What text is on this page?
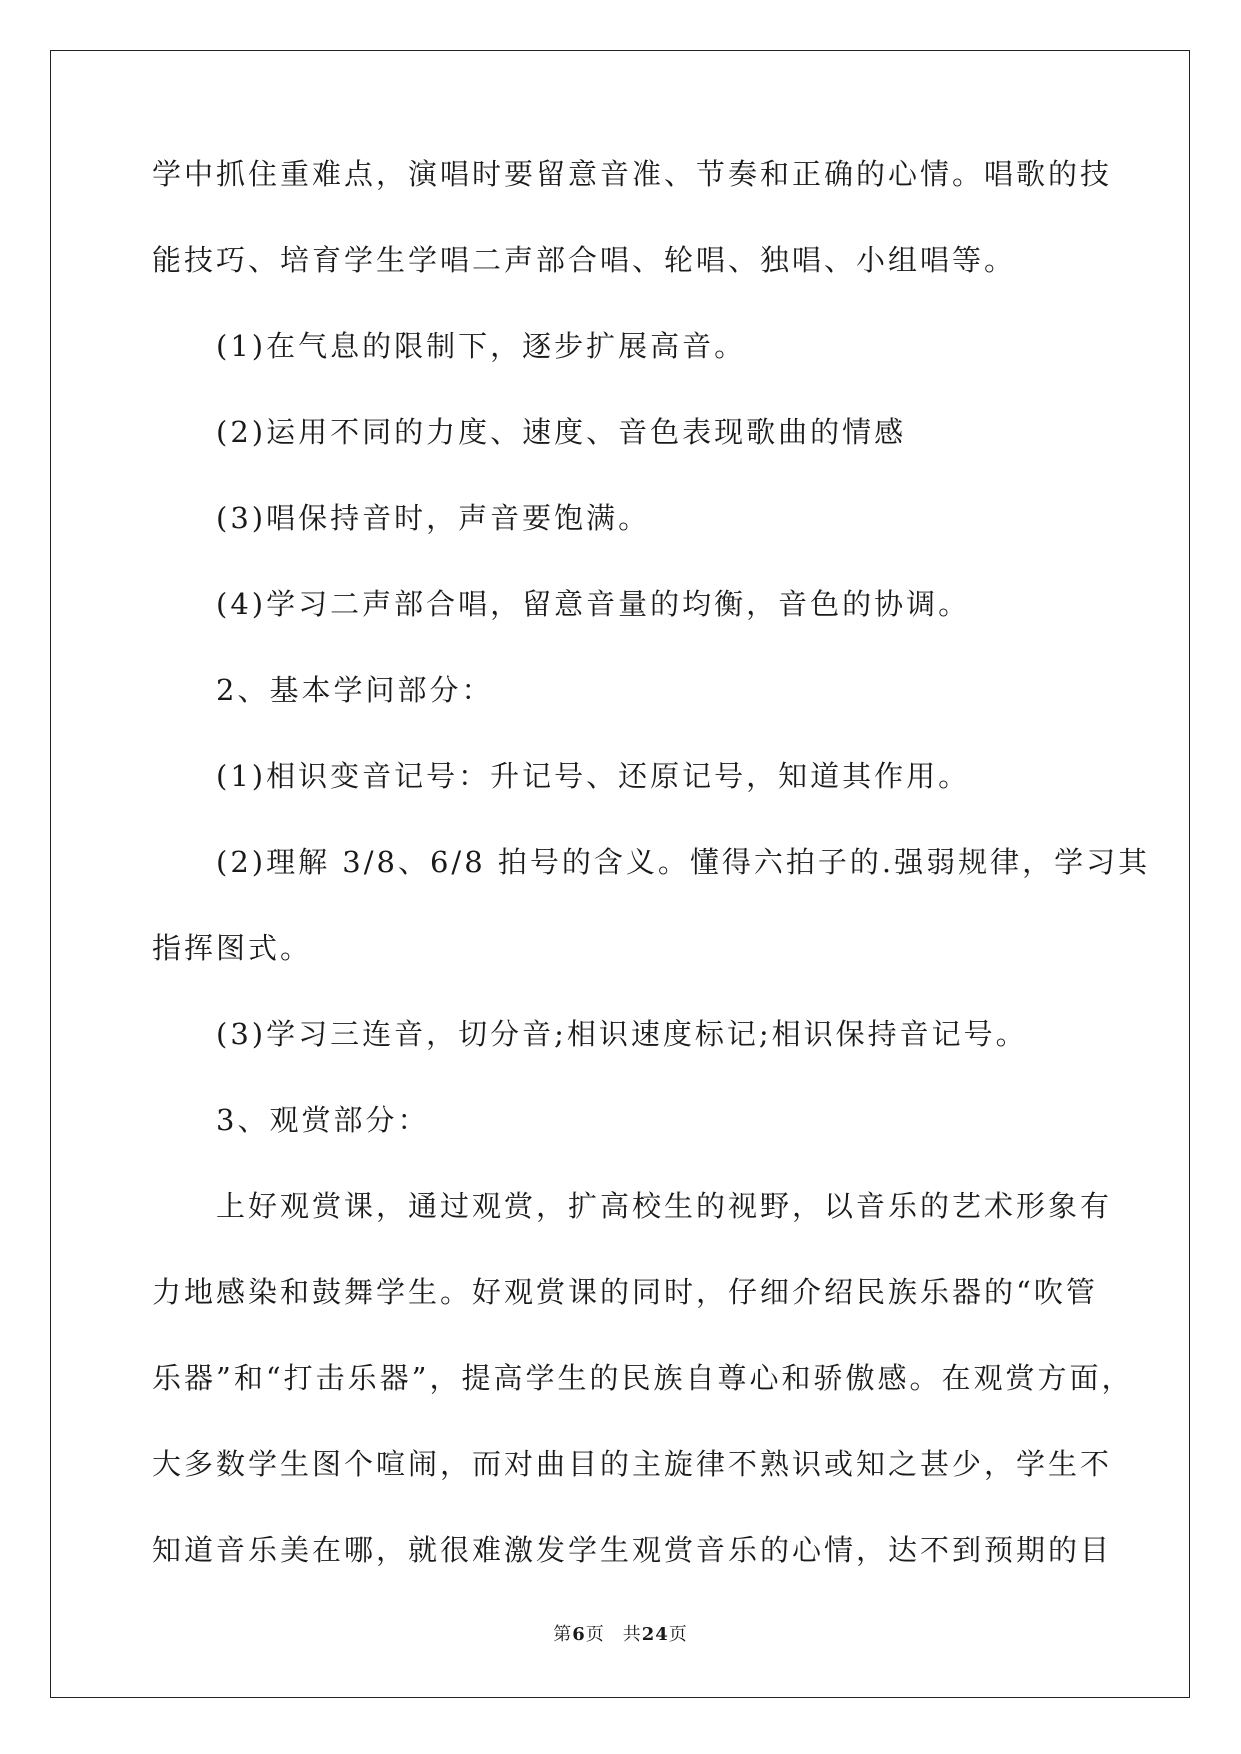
学中抓住重难点，演唱时要留意音准、节奏和正确的心情。唱歌的技
能技巧、培育学生学唱二声部合唱、轮唱、独唱、小组唱等。
(1)在气息的限制下，逐步扩展高音。
(2)运用不同的力度、速度、音色表现歌曲的情感
(3)唱保持音时，声音要饱满。
(4)学习二声部合唱，留意音量的均衡，音色的协调。
2、基本学问部分：
(1)相识变音记号：升记号、还原记号，知道其作用。
(2)理解 3/8、6/8 拍号的含义。懂得六拍子的.强弱规律，学习其
指挥图式。
(3)学习三连音，切分音;相识速度标记;相识保持音记号。
3、观赏部分：
上好观赏课，通过观赏，扩高校生的视野，以音乐的艺术形象有
力地感染和鼓舞学生。好观赏课的同时，仔细介绍民族乐器的“吹管
乐器”和“打击乐器”，提高学生的民族自尊心和骄傲感。在观赏方面，
大多数学生图个喧闹，而对曲目的主旋律不熟识或知之甚少，学生不
知道音乐美在哪，就很难激发学生观赏音乐的心情，达不到预期的目
第6页 共24页
